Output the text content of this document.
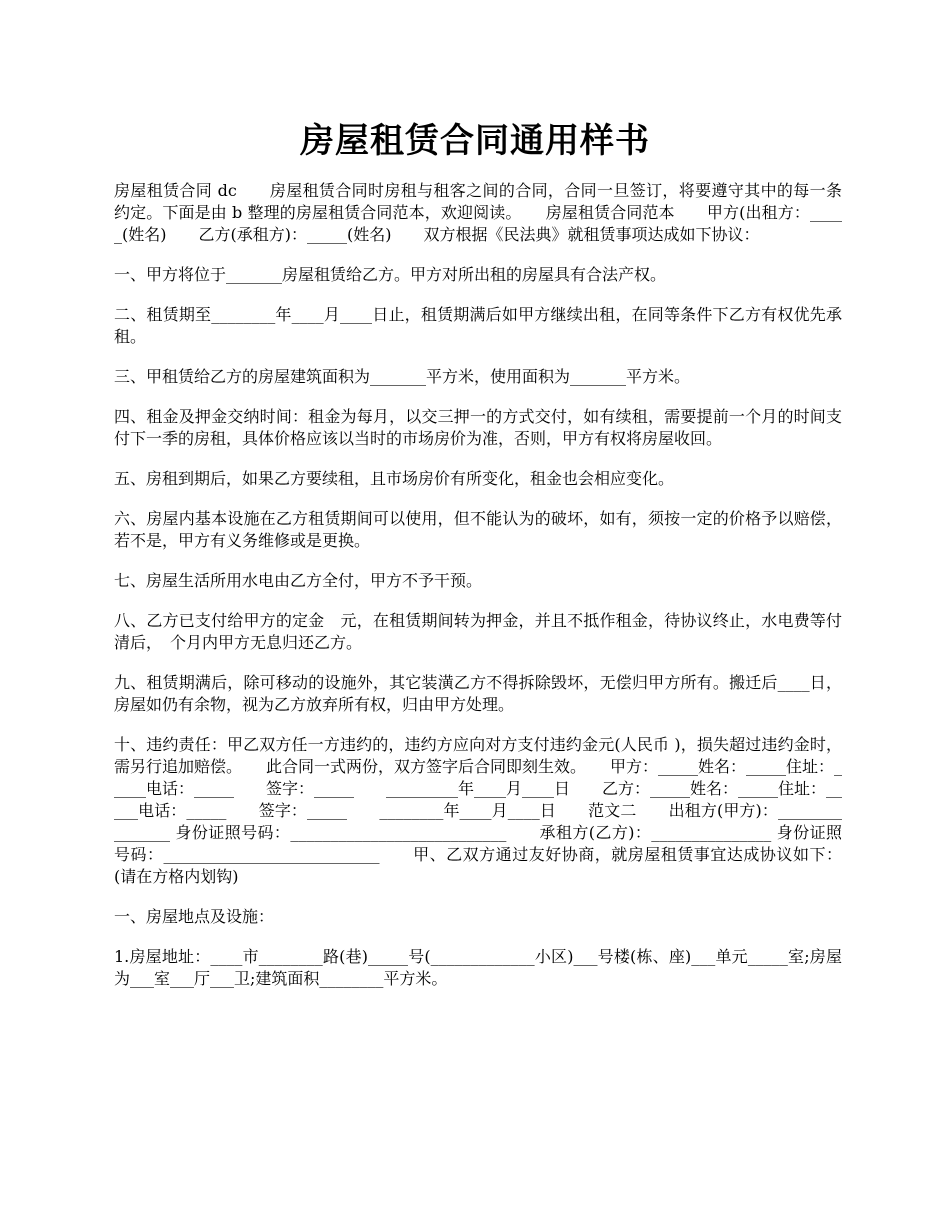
房屋租赁合同通用样书

房屋租赁合同 dc　　房屋租赁合同时房租与租客之间的合同，合同一旦签订，将要遵守其中的每一条约定。下面是由 b 整理的房屋租赁合同范本，欢迎阅读。　　房屋租赁合同范本　　甲方(出租方：_____(姓名)　　乙方(承租方)：_____(姓名)　　双方根据《民法典》就租赁事项达成如下协议：

一、甲方将位于_______房屋租赁给乙方。甲方对所出租的房屋具有合法产权。

二、租赁期至________年____月____日止，租赁期满后如甲方继续出租，在同等条件下乙方有权优先承租。

三、甲租赁给乙方的房屋建筑面积为_______平方米，使用面积为_______平方米。

四、租金及押金交纳时间：租金为每月，以交三押一的方式交付，如有续租，需要提前一个月的时间支付下一季的房租，具体价格应该以当时的市场房价为准，否则，甲方有权将房屋收回。

五、房租到期后，如果乙方要续租，且市场房价有所变化，租金也会相应变化。

六、房屋内基本设施在乙方租赁期间可以使用，但不能认为的破坏，如有，须按一定的价格予以赔偿，若不是，甲方有义务维修或是更换。

七、房屋生活所用水电由乙方全付，甲方不予干预。

八、乙方已支付给甲方的定金　元，在租赁期间转为押金，并且不抵作租金，待协议终止，水电费等付清后，　个月内甲方无息归还乙方。

九、租赁期满后，除可移动的设施外，其它装潢乙方不得拆除毁坏，无偿归甲方所有。搬迁后____日，房屋如仍有余物，视为乙方放弃所有权，归由甲方处理。

十、违约责任：甲乙双方任一方违约的，违约方应向对方支付违约金元(人民币 )，损失超过违约金时，需另行追加赔偿。　　此合同一式两份，双方签字后合同即刻生效。　　甲方：_____姓名：_____住址：_____电话：_____　　签字：_____　　_________年____月____日　　乙方：_____姓名：_____住址：_____电话：_____　　签字：_____　　________年____月____日　　范文二　　出租方(甲方)：_______________ 身份证照号码：___________________________　　承租方(乙方)：_______________ 身份证照号码：___________________________　　甲、乙双方通过友好协商，就房屋租赁事宜达成协议如下：(请在方格内划钩)

一、房屋地点及设施：

1.房屋地址：____市________路(巷)_____号(_____________小区)___号楼(栋、座)___单元_____室;房屋为___室___厅___卫;建筑面积________平方米。
